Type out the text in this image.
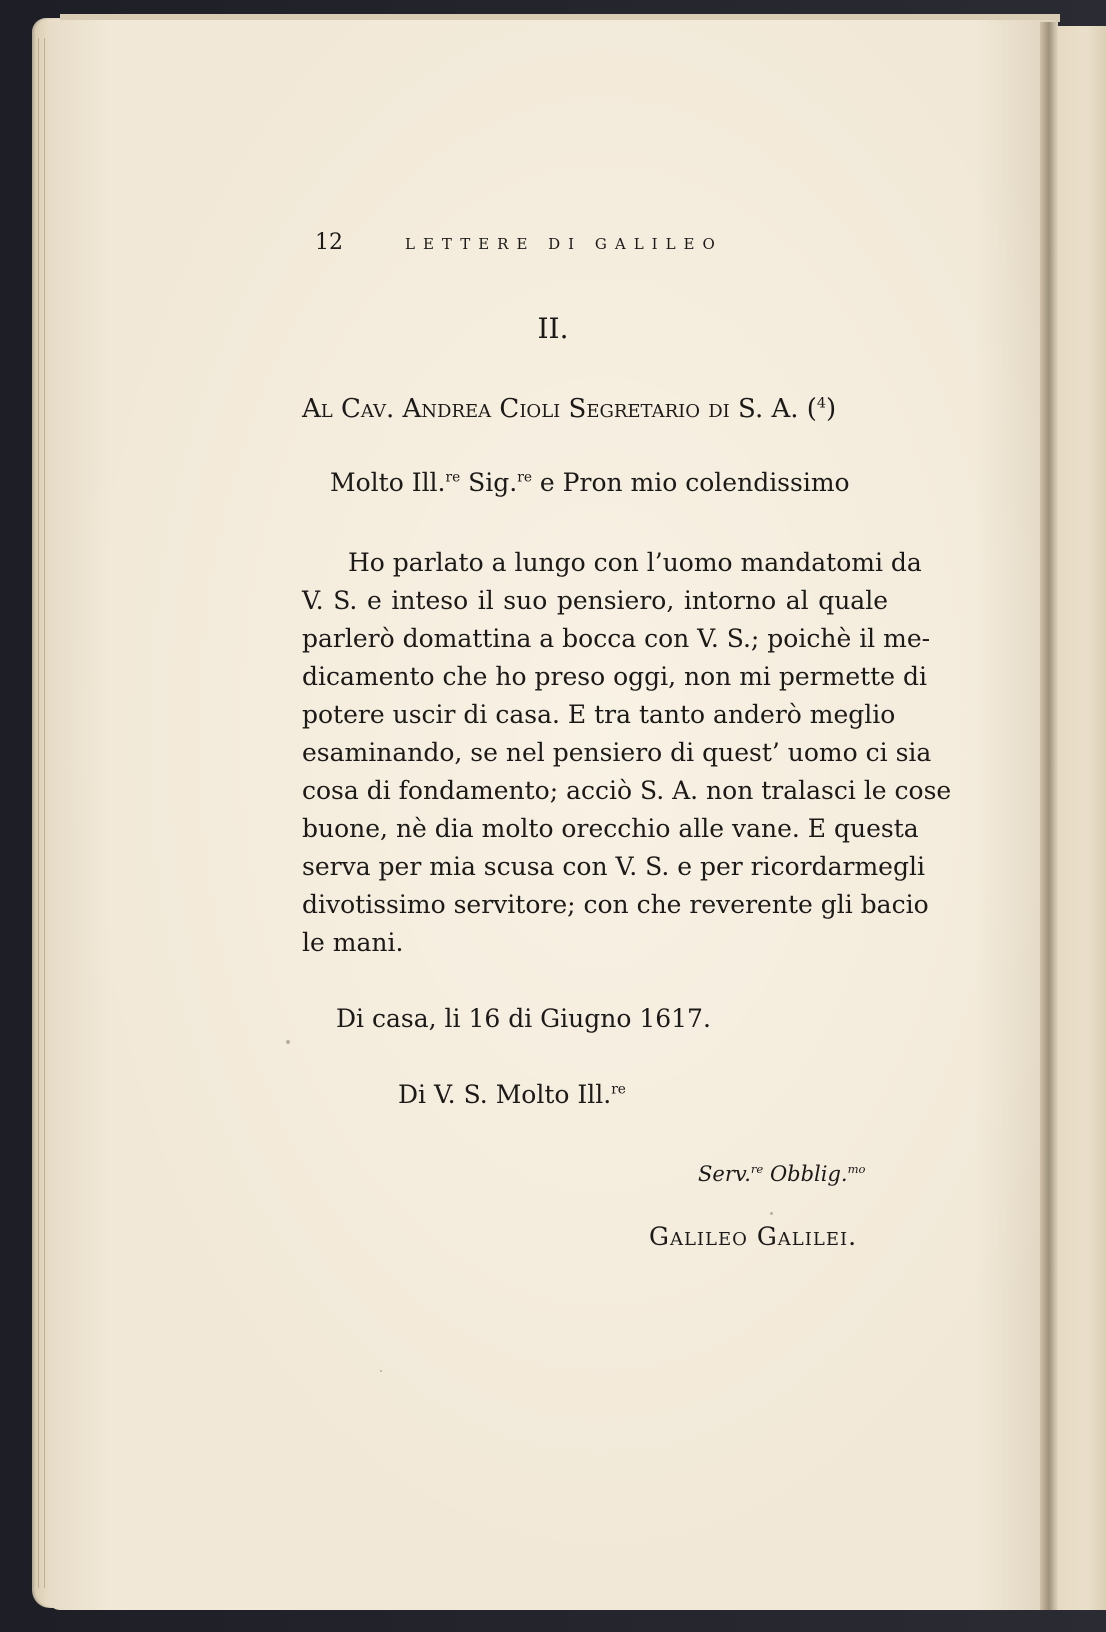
12	LETTERE DI GALILEO
II.
Al Cav. Andrea Cioli Segretario di S. A. ($^4$)
Molto Ill.$^{re}$ Sig.$^{re}$ e Pron mio colendissimo
Ho parlato a lungo con l’uomo mandatomi da
V. S. e inteso il suo pensiero, intorno al quale
parlerò domattina a bocca con V. S.; poichè il me-
dicamento che ho preso oggi, non mi permette di
potere uscir di casa. E tra tanto anderò meglio
esaminando, se nel pensiero di quest’ uomo ci sia
cosa di fondamento; acciò S. A. non tralasci le cose
buone, nè dia molto orecchio alle vane. E questa
serva per mia scusa con V. S. e per ricordarmegli
divotissimo servitore; con che reverente gli bacio
le mani.
Di casa, li 16 di Giugno 1617.
Di V. S. Molto Ill.$^{re}$
Serv.$^{re}$ Obblig.$^{mo}$
Galileo Galilei.
